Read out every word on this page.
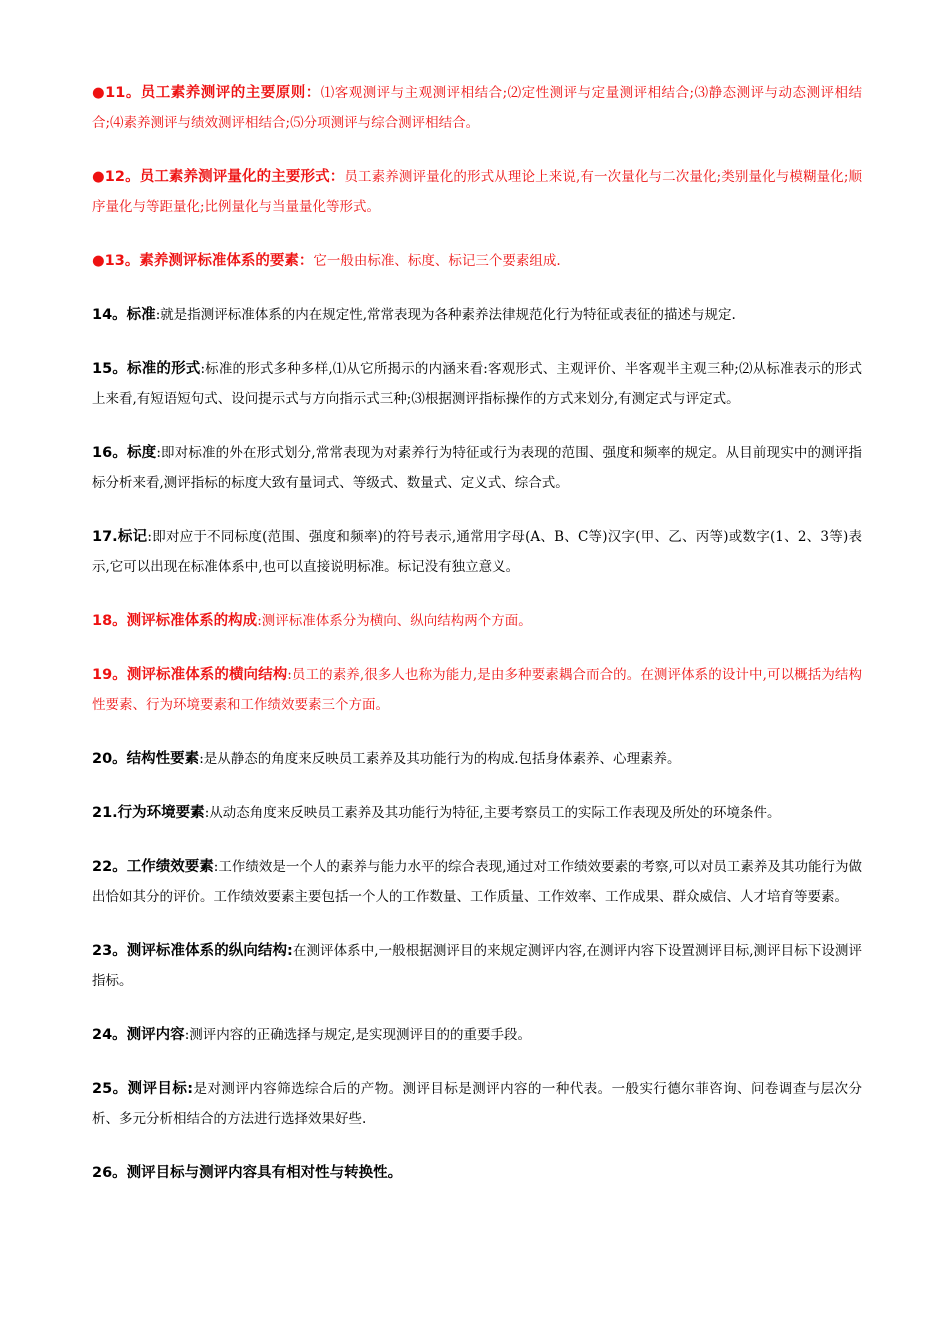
●11。员工素养测评的主要原则：⑴客观测评与主观测评相结合;⑵定性测评与定量测评相结合;⑶静态测评与动态测评相结合;⑷素养测评与绩效测评相结合;⑸分项测评与综合测评相结合。

●12。员工素养测评量化的主要形式：员工素养测评量化的形式从理论上来说,有一次量化与二次量化;类别量化与模糊量化;顺序量化与等距量化;比例量化与当量量化等形式。

●13。素养测评标准体系的要素：它一般由标准、标度、标记三个要素组成.

14。标准:就是指测评标准体系的内在规定性,常常表现为各种素养法律规范化行为特征或表征的描述与规定.

15。标准的形式:标准的形式多种多样,⑴从它所揭示的内涵来看:客观形式、主观评价、半客观半主观三种;⑵从标准表示的形式上来看,有短语短句式、设问提示式与方向指示式三种;⑶根据测评指标操作的方式来划分,有测定式与评定式。

16。标度:即对标准的外在形式划分,常常表现为对素养行为特征或行为表现的范围、强度和频率的规定。从目前现实中的测评指标分析来看,测评指标的标度大致有量词式、等级式、数量式、定义式、综合式。

17.标记:即对应于不同标度(范围、强度和频率)的符号表示,通常用字母(A、B、C等)汉字(甲、乙、丙等)或数字(1、2、3等)表示,它可以出现在标准体系中,也可以直接说明标准。标记没有独立意义。

18。测评标准体系的构成:测评标准体系分为横向、纵向结构两个方面。

19。测评标准体系的横向结构:员工的素养,很多人也称为能力,是由多种要素耦合而合的。在测评体系的设计中,可以概括为结构性要素、行为环境要素和工作绩效要素三个方面。

20。结构性要素:是从静态的角度来反映员工素养及其功能行为的构成.包括身体素养、心理素养。

21.行为环境要素:从动态角度来反映员工素养及其功能行为特征,主要考察员工的实际工作表现及所处的环境条件。

22。工作绩效要素:工作绩效是一个人的素养与能力水平的综合表现,通过对工作绩效要素的考察,可以对员工素养及其功能行为做出恰如其分的评价。工作绩效要素主要包括一个人的工作数量、工作质量、工作效率、工作成果、群众威信、人才培育等要素。

23。测评标准体系的纵向结构:在测评体系中,一般根据测评目的来规定测评内容,在测评内容下设置测评目标,测评目标下设测评指标。

24。测评内容:测评内容的正确选择与规定,是实现测评目的的重要手段。

25。测评目标:是对测评内容筛选综合后的产物。测评目标是测评内容的一种代表。一般实行德尔菲咨询、问卷调查与层次分析、多元分析相结合的方法进行选择效果好些.

26。测评目标与测评内容具有相对性与转换性。
